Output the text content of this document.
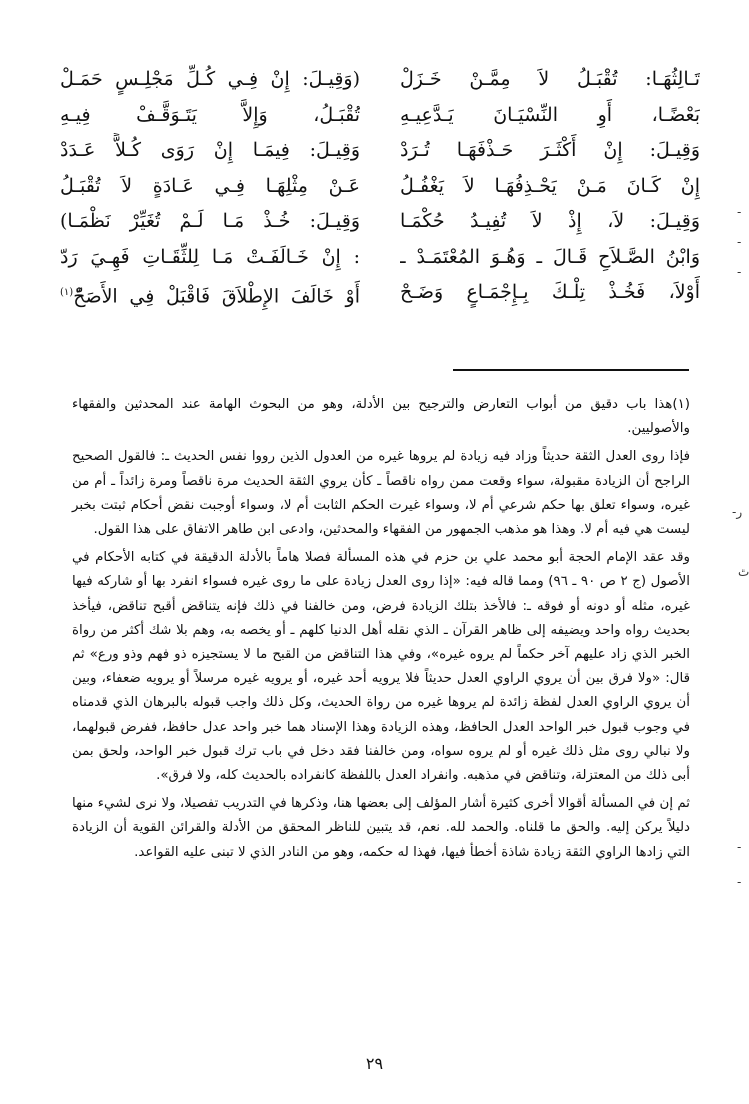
تَـالِثُهَـا: تُقْبَـلُ لاَ مِمَّـنْ خَـزَلْ
بَعْضًـا، أَوِ النِّسْيَـانَ يَـدَّعِيـهِ
وَقِيـلَ: إِنْ أَكْثَـرَ حَـذْفَهَـا تُـرَدْ
إِنْ كَـانَ مَـنْ يَحْـذِفُهَـا لاَ يَغْفُـلُ
وَقِيـلَ: لاَ، إِذْ لاَ تُفِيـدُ حُكْمَـا
وَابْنُ الصَّـلاَحِ قَـالَ ـ وَهُـوَ المُعْتَمَـدْ ـ
أَوْلاَ، فَخُـذْ تِلْـكَ بِـإِجْمَـاعٍ وَضَـحْ
(وَقِيـلَ: إِنْ فِـي كُـلِّ مَجْلِـسٍ حَمَـلْ
تُقْبَـلُ، وَإِلاَّ يَتَـوَقَّـفْ فِيـهِ
وَقِيـلَ: فِيمَـا إِنْ رَوَى كُـلاًّ عَـدَدْ
عَـنْ مِثْلِهَـا فِـي عَـادَةٍ لاَ تُقْبَـلُ
وَقِيـلَ: خُـذْ مَـا لَـمْ تُغَيِّرْ نَظْمَـا)
: إِنْ خَـالَفَـتْ مَـا لِلثِّقَـاتِ فَهِـيَ رَدّ
أَوْ خَالَفَ الإِطْلاَقَ فَاقْبَلْ فِي الأَصَحّْ$^{(١)}$

(١)هذا باب دقيق من أبواب التعارض والترجيح بين الأدلة، وهو من البحوث الهامة عند المحدثين والفقهاء والأصوليين.

فإذا روى العدل الثقة حديثاً وزاد فيه زيادة لم يروها غيره من العدول الذين رووا نفس الحديث ـ: فالقول الصحيح الراجح أن الزيادة مقبولة، سواء وقعت ممن رواه ناقصاً ـ كأن يروي الثقة الحديث مرة ناقصاً ومرة زائداً ـ أم من غيره، وسواء تعلق بها حكم شرعي أم لا، وسواء غيرت الحكم الثابت أم لا، وسواء أوجبت نقض أحكام ثبتت بخبر ليست هي فيه أم لا. وهذا هو مذهب الجمهور من الفقهاء والمحدثين، وادعى ابن طاهر الاتفاق على هذا القول.

وقد عقد الإمام الحجة أبو محمد علي بن حزم في هذه المسألة فصلا هاماً بالأدلة الدقيقة في كتابه الأحكام في الأصول (ج ٢ ص ٩٠ ـ ٩٦) ومما قاله فيه: «إذا روى العدل زيادة على ما روى غيره فسواء انفرد بها أو شاركه فيها غيره، مثله أو دونه أو فوقه ـ: فالأخذ بتلك الزيادة فرض، ومن خالفنا في ذلك فإنه يتناقض أقبح تناقض، فيأخذ بحديث رواه واحد ويضيفه إلى ظاهر القرآن ـ الذي نقله أهل الدنيا كلهم ـ أو يخصه به، وهم بلا شك أكثر من رواة الخبر الذي زاد عليهم آخر حكماً لم يروه غيره»، وفي هذا التناقض من القبح ما لا يستجيزه ذو فهم وذو ورع» ثم قال: «ولا فرق بين أن يروي الراوي العدل حديثاً فلا يرويه أحد غيره، أو يرويه غيره مرسلاً أو يرويه ضعفاء، وبين أن يروي الراوي العدل لفظة زائدة لم يروها غيره من رواة الحديث، وكل ذلك واجب قبوله بالبرهان الذي قدمناه في وجوب قبول خبر الواحد العدل الحافظ، وهذه الزيادة وهذا الإسناد هما خبر واحد عدل حافظ، ففرض قبولهما، ولا نبالي روى مثل ذلك غيره أو لم يروه سواه، ومن خالفنا فقد دخل في باب ترك قبول خبر الواحد، ولحق بمن أبى ذلك من المعتزلة، وتناقض في مذهبه. وانفراد العدل باللفظة كانفراده بالحديث كله، ولا فرق».

ثم إن في المسألة أقوالا أخرى كثيرة أشار المؤلف إلى بعضها هنا، وذكرها في التدريب تفصيلا، ولا نرى لشيء منها دليلاً يركن إليه. والحق ما قلناه. والحمد لله. نعم، قد يتبين للناظر المحقق من الأدلة والقرائن القوية أن الزيادة التي زادها الراوي الثقة زيادة شاذة أخطأ فيها، فهذا له حكمه، وهو من النادر الذي لا تبنى عليه القواعد.

٢٩
-
-
-
ﺭ-
ﭢ
-
-
